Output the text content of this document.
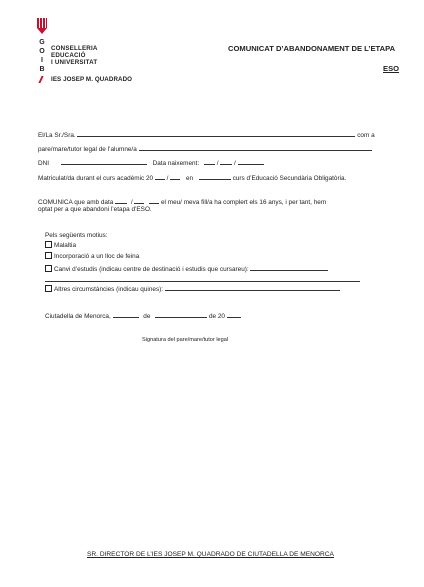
G
O
I
B
CONSELLERIA
EDUCACIÓ
I UNIVERSITAT
IES JOSEP M. QUADRADO
COMUNICAT D’ABANDONAMENT DE L’ETAPA
ESO
El/La Sr./Sra.	com a
pare/mare/tutor legal de l’alumne/a
DNI	Data naixement:	/ /
Matriculat/da durant el curs acadèmic 20 /	en	curs d’Educació Secundària Obligatòria.
COMUNICA que amb data	/	el meu/ meva fill/a ha complert els 16 anys, i per tant, hem
optat per a que abandoni l’etapa d’ESO.
Pels següents motius:
Malaltia
Incorporació a un lloc de feina
Canvi d’estudis (indicau centre de destinació i estudis que cursareu):
Altres circumstàncies (indicau quines):
Ciutadella de Menorca,	de	de 20
Signatura del pare/mare/tutor legal
SR. DIRECTOR DE L’IES JOSEP M. QUADRADO DE CIUTADELLA DE MENORCA
